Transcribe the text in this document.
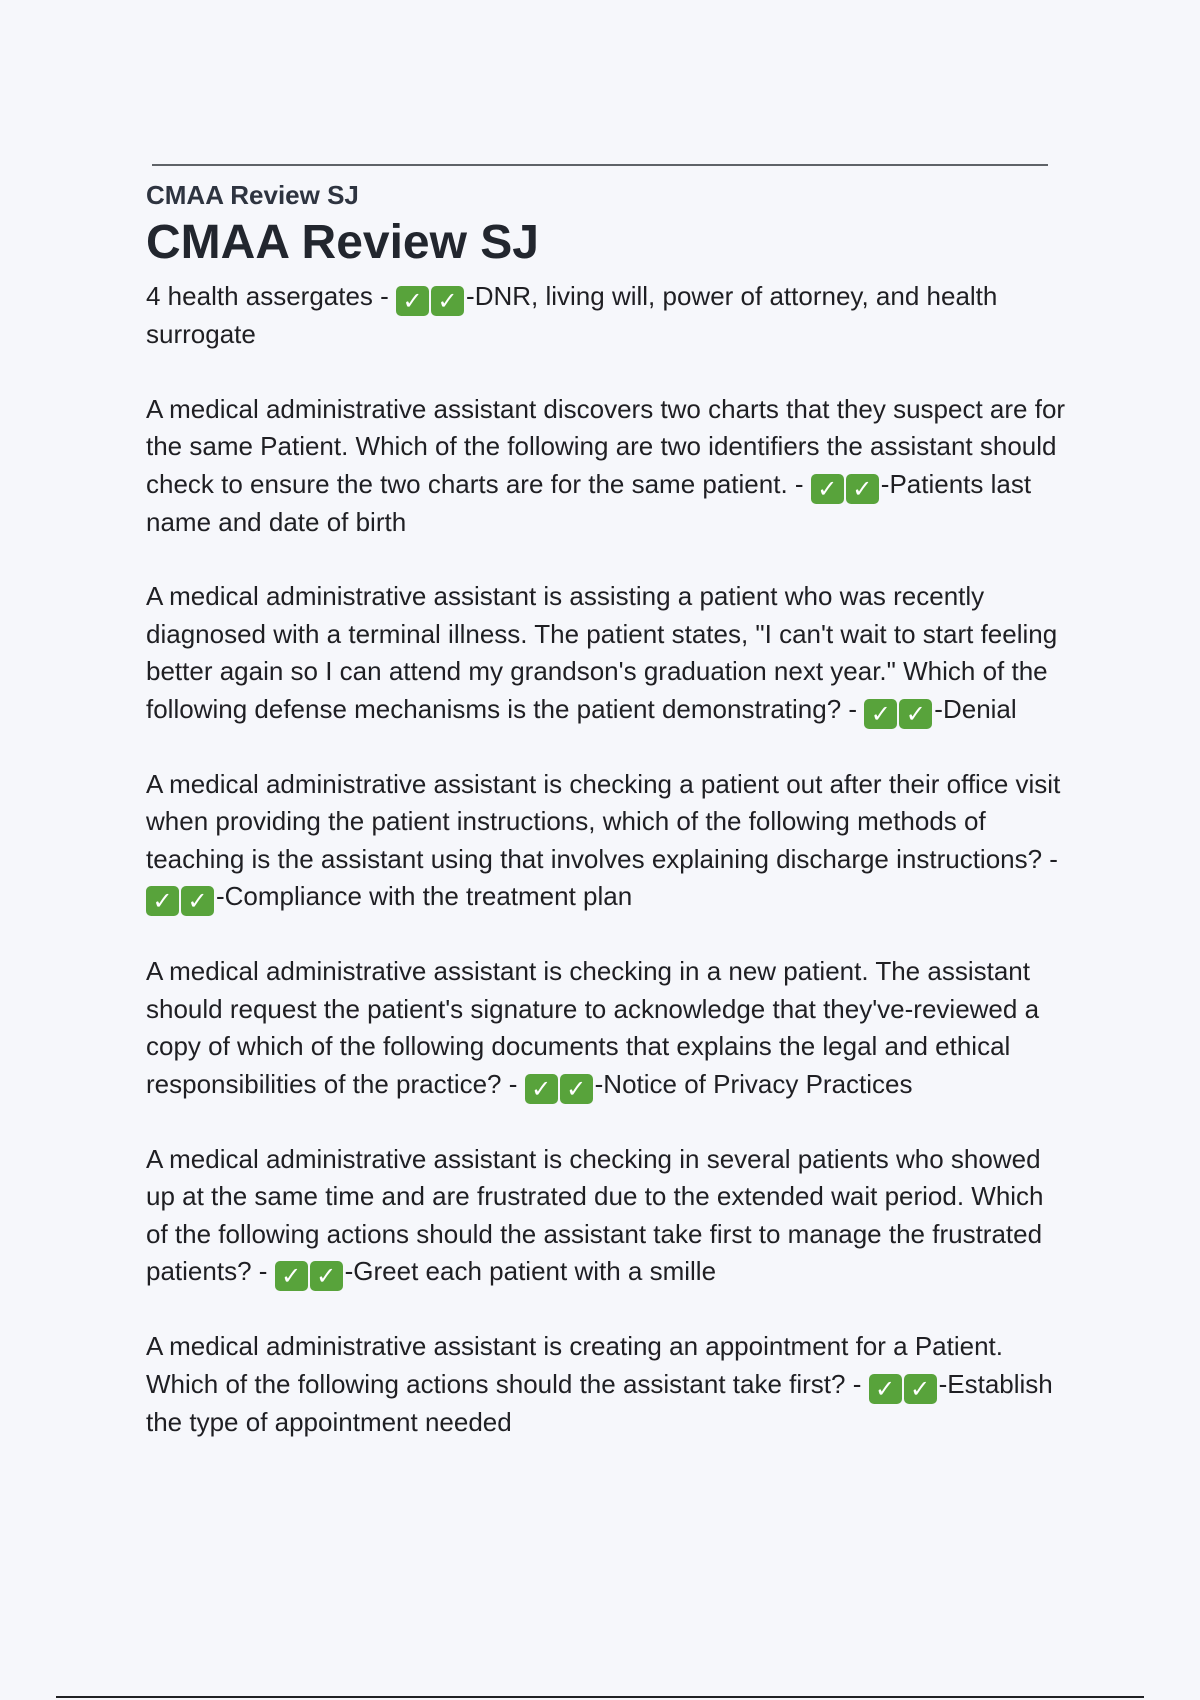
CMAA Review SJ

CMAA Review SJ

4 health assergates - ✓ ✓ -DNR, living will, power of attorney, and health surrogate

A medical administrative assistant discovers two charts that they suspect are for the same Patient. Which of the following are two identifiers the assistant should check to ensure the two charts are for the same patient. - ✓ ✓ -Patients last name and date of birth

A medical administrative assistant is assisting a patient who was recently diagnosed with a terminal illness. The patient states, "I can't wait to start feeling better again so I can attend my grandson's graduation next year." Which of the following defense mechanisms is the patient demonstrating? - ✓ ✓ -Denial

A medical administrative assistant is checking a patient out after their office visit when providing the patient instructions, which of the following methods of teaching is the assistant using that involves explaining discharge instructions? - ✓ ✓ -Compliance with the treatment plan

A medical administrative assistant is checking in a new patient. The assistant should request the patient's signature to acknowledge that they've-reviewed a copy of which of the following documents that explains the legal and ethical responsibilities of the practice? - ✓ ✓ -Notice of Privacy Practices

A medical administrative assistant is checking in several patients who showed up at the same time and are frustrated due to the extended wait period. Which of the following actions should the assistant take first to manage the frustrated patients? - ✓ ✓ -Greet each patient with a smille

A medical administrative assistant is creating an appointment for a Patient. Which of the following actions should the assistant take first? - ✓ ✓ -Establish the type of appointment needed
